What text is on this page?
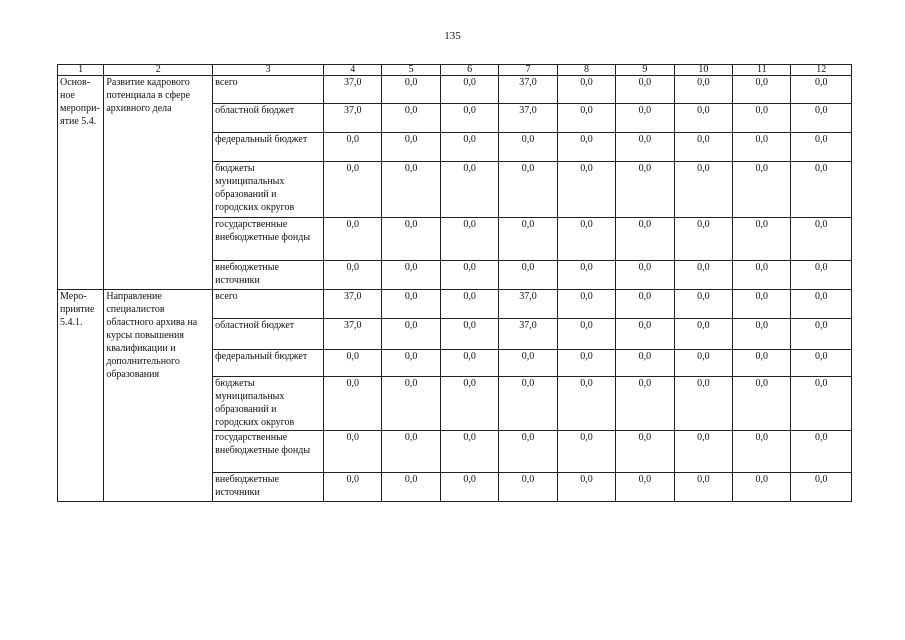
135
1	2	3	4	5	6	7	8	9	10	11	12
Основ-ное меропри-ятие 5.4.	Развитие кадрового потенциала в сфере архивного дела	всего	37,0	0,0	0,0	37,0	0,0	0,0	0,0	0,0	0,0
		областной бюджет	37,0	0,0	0,0	37,0	0,0	0,0	0,0	0,0	0,0
		федеральный бюджет	0,0	0,0	0,0	0,0	0,0	0,0	0,0	0,0	0,0
		бюджеты муниципальных образований и городских округов	0,0	0,0	0,0	0,0	0,0	0,0	0,0	0,0	0,0
		государственные внебюджетные фонды	0,0	0,0	0,0	0,0	0,0	0,0	0,0	0,0	0,0
		внебюджетные источники	0,0	0,0	0,0	0,0	0,0	0,0	0,0	0,0	0,0
Меро-приятие 5.4.1.	Направление специалистов областного архива на курсы повышения квалификации и дополнительного образования	всего	37,0	0,0	0,0	37,0	0,0	0,0	0,0	0,0	0,0
		областной бюджет	37,0	0,0	0,0	37,0	0,0	0,0	0,0	0,0	0,0
		федеральный бюджет	0,0	0,0	0,0	0,0	0,0	0,0	0,0	0,0	0,0
		бюджеты муниципальных образований и городских округов	0,0	0,0	0,0	0,0	0,0	0,0	0,0	0,0	0,0
		государственные внебюджетные фонды	0,0	0,0	0,0	0,0	0,0	0,0	0,0	0,0	0,0
		внебюджетные источники	0,0	0,0	0,0	0,0	0,0	0,0	0,0	0,0	0,0
